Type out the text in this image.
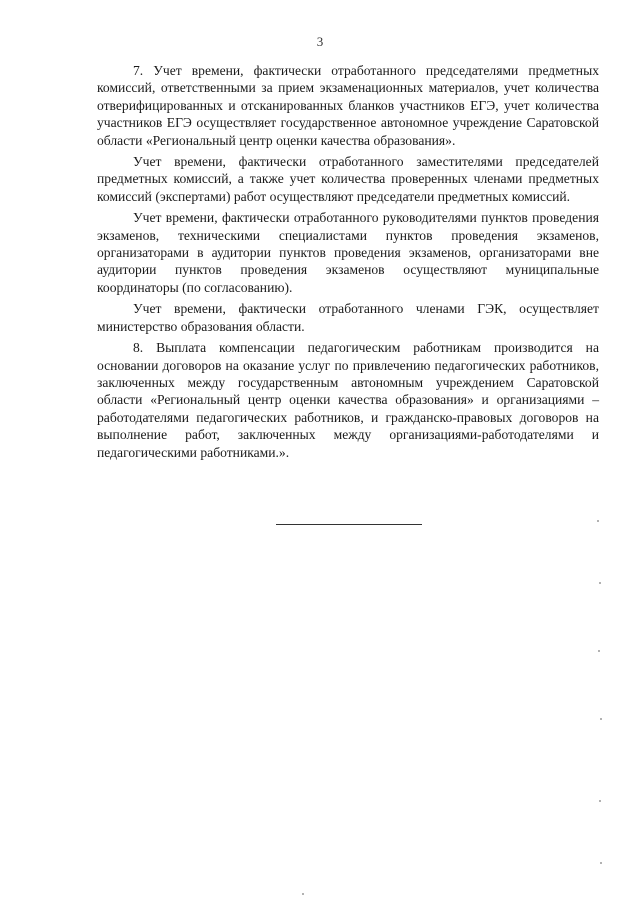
3

7. Учет времени, фактически отработанного председателями предметных комиссий, ответственными за прием экзаменационных материалов, учет количества отверифицированных и отсканированных бланков участников ЕГЭ, учет количества участников ЕГЭ осуществляет государственное автономное учреждение Саратовской области «Региональный центр оценки качества образования».

Учет времени, фактически отработанного заместителями председателей предметных комиссий, а также учет количества проверенных членами предметных комиссий (экспертами) работ осуществляют председатели предметных комиссий.

Учет времени, фактически отработанного руководителями пунктов проведения экзаменов, техническими специалистами пунктов проведения экзаменов, организаторами в аудитории пунктов проведения экзаменов, организаторами вне аудитории пунктов проведения экзаменов осуществляют муниципальные координаторы (по согласованию).

Учет времени, фактически отработанного членами ГЭК, осуществляет министерство образования области.

8. Выплата компенсации педагогическим работникам производится на основании договоров на оказание услуг по привлечению педагогических работников, заключенных между государственным автономным учреждением Саратовской области «Региональный центр оценки качества образования» и организациями – работодателями педагогических работников, и гражданско-правовых договоров на выполнение работ, заключенных между организациями-работодателями и педагогическими работниками.».
